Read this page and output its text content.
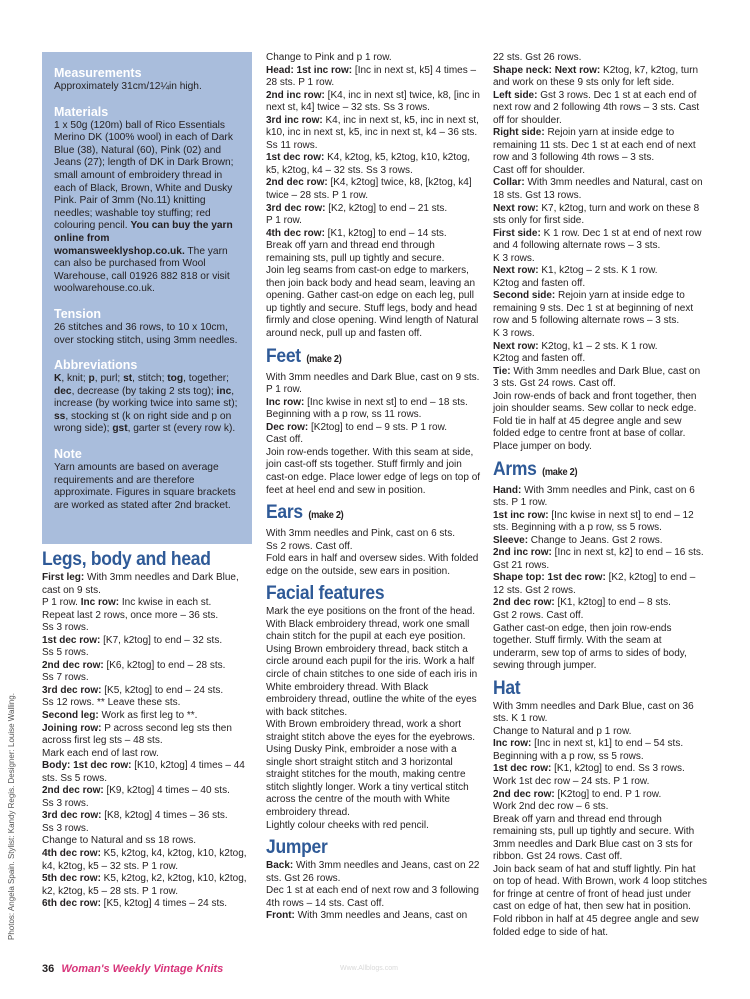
Measurements

Approximately 31cm/12¼in high.

Materials

1 x 50g (120m) ball of Rico Essentials Merino DK (100% wool) in each of Dark Blue (38), Natural (60), Pink (02) and Jeans (27); length of DK in Dark Brown; small amount of embroidery thread in each of Black, Brown, White and Dusky Pink. Pair of 3mm (No.11) knitting needles; washable toy stuffing; red colouring pencil. You can buy the yarn online from womansweeklyshop.co.uk. The yarn can also be purchased from Wool Warehouse, call 01926 882 818 or visit woolwarehouse.co.uk.

Tension

26 stitches and 36 rows, to 10 x 10cm, over stocking stitch, using 3mm needles.

Abbreviations

K, knit; p, purl; st, stitch; tog, together; dec, decrease (by taking 2 sts tog); inc, increase (by working twice into same st); ss, stocking st (k on right side and p on wrong side); gst, garter st (every row k).

Note

Yarn amounts are based on average requirements and are therefore approximate. Figures in square brackets are worked as stated after 2nd bracket.

Legs, body and head

First leg: With 3mm needles and Dark Blue, cast on 9 sts.

P 1 row. Inc row: Inc kwise in each st.

Repeat last 2 rows, once more – 36 sts.

Ss 3 rows.

1st dec row: [K7, k2tog] to end – 32 sts.

Ss 5 rows.

2nd dec row: [K6, k2tog] to end – 28 sts.

Ss 7 rows.

3rd dec row: [K5, k2tog] to end – 24 sts.

Ss 12 rows. ** Leave these sts.

Second leg: Work as first leg to **.

Joining row: P across second leg sts then across first leg sts – 48 sts.

Mark each end of last row.

Body: 1st dec row: [K10, k2tog] 4 times – 44 sts. Ss 5 rows.

2nd dec row: [K9, k2tog] 4 times – 40 sts.

Ss 3 rows.

3rd dec row: [K8, k2tog] 4 times – 36 sts.

Ss 3 rows.

Change to Natural and ss 18 rows.

4th dec row: K5, k2tog, k4, k2tog, k10, k2tog, k4, k2tog, k5 – 32 sts. P 1 row.

5th dec row: K5, k2tog, k2, k2tog, k10, k2tog, k2, k2tog, k5 – 28 sts. P 1 row.

6th dec row: [K5, k2tog] 4 times – 24 sts.

Change to Pink and p 1 row.

Head: 1st inc row: [Inc in next st, k5] 4 times – 28 sts. P 1 row.

2nd inc row: [K4, inc in next st] twice, k8, [inc in next st, k4] twice – 32 sts. Ss 3 rows.

3rd inc row: K4, inc in next st, k5, inc in next st, k10, inc in next st, k5, inc in next st, k4 – 36 sts. Ss 11 rows.

1st dec row: K4, k2tog, k5, k2tog, k10, k2tog, k5, k2tog, k4 – 32 sts. Ss 3 rows.

2nd dec row: [K4, k2tog] twice, k8, [k2tog, k4] twice – 28 sts. P 1 row.

3rd dec row: [K2, k2tog] to end – 21 sts.

P 1 row.

4th dec row: [K1, k2tog] to end – 14 sts.

Break off yarn and thread end through remaining sts, pull up tightly and secure.

Join leg seams from cast-on edge to markers, then join back body and head seam, leaving an opening. Gather cast-on edge on each leg, pull up tightly and secure. Stuff legs, body and head firmly and close opening. Wind length of Natural around neck, pull up and fasten off.

Feet (make 2)

With 3mm needles and Dark Blue, cast on 9 sts. P 1 row.

Inc row: [Inc kwise in next st] to end – 18 sts. Beginning with a p row, ss 11 rows.

Dec row: [K2tog] to end – 9 sts. P 1 row.

Cast off.

Join row-ends together. With this seam at side, join cast-off sts together. Stuff firmly and join cast-on edge. Place lower edge of legs on top of feet at heel end and sew in position.

Ears (make 2)

With 3mm needles and Pink, cast on 6 sts.

Ss 2 rows. Cast off.

Fold ears in half and oversew sides. With folded edge on the outside, sew ears in position.

Facial features

Mark the eye positions on the front of the head. With Black embroidery thread, work one small chain stitch for the pupil at each eye position. Using Brown embroidery thread, back stitch a circle around each pupil for the iris. Work a half circle of chain stitches to one side of each iris in White embroidery thread. With Black embroidery thread, outline the white of the eyes with back stitches.

With Brown embroidery thread, work a short straight stitch above the eyes for the eyebrows.

Using Dusky Pink, embroider a nose with a single short straight stitch and 3 horizontal straight stitches for the mouth, making centre stitch slightly longer. Work a tiny vertical stitch across the centre of the mouth with White embroidery thread.

Lightly colour cheeks with red pencil.

Jumper

Back: With 3mm needles and Jeans, cast on 22 sts. Gst 26 rows.

Dec 1 st at each end of next row and 3 following 4th rows – 14 sts. Cast off.

Front: With 3mm needles and Jeans, cast on

22 sts. Gst 26 rows.

Shape neck: Next row: K2tog, k7, k2tog, turn and work on these 9 sts only for left side.

Left side: Gst 3 rows. Dec 1 st at each end of next row and 2 following 4th rows – 3 sts. Cast off for shoulder.

Right side: Rejoin yarn at inside edge to remaining 11 sts. Dec 1 st at each end of next row and 3 following 4th rows – 3 sts.

Cast off for shoulder.

Collar: With 3mm needles and Natural, cast on 18 sts. Gst 13 rows.

Next row: K7, k2tog, turn and work on these 8 sts only for first side.

First side: K 1 row. Dec 1 st at end of next row and 4 following alternate rows – 3 sts.

K 3 rows.

Next row: K1, k2tog – 2 sts. K 1 row.

K2tog and fasten off.

Second side: Rejoin yarn at inside edge to remaining 9 sts. Dec 1 st at beginning of next row and 5 following alternate rows – 3 sts.

K 3 rows.

Next row: K2tog, k1 – 2 sts. K 1 row.

K2tog and fasten off.

Tie: With 3mm needles and Dark Blue, cast on 3 sts. Gst 24 rows. Cast off.

Join row-ends of back and front together, then join shoulder seams. Sew collar to neck edge. Fold tie in half at 45 degree angle and sew folded edge to centre front at base of collar. Place jumper on body.

Arms (make 2)

Hand: With 3mm needles and Pink, cast on 6 sts. P 1 row.

1st inc row: [Inc kwise in next st] to end – 12 sts. Beginning with a p row, ss 5 rows.

Sleeve: Change to Jeans. Gst 2 rows.

2nd inc row: [Inc in next st, k2] to end – 16 sts. Gst 21 rows.

Shape top: 1st dec row: [K2, k2tog] to end – 12 sts. Gst 2 rows.

2nd dec row: [K1, k2tog] to end – 8 sts.

Gst 2 rows. Cast off.

Gather cast-on edge, then join row-ends together. Stuff firmly. With the seam at underarm, sew top of arms to sides of body, sewing through jumper.

Hat

With 3mm needles and Dark Blue, cast on 36 sts. K 1 row.

Change to Natural and p 1 row.

Inc row: [Inc in next st, k1] to end – 54 sts. Beginning with a p row, ss 5 rows.

1st dec row: [K1, k2tog] to end. Ss 3 rows. Work 1st dec row – 24 sts. P 1 row.

2nd dec row: [K2tog] to end. P 1 row.

Work 2nd dec row – 6 sts.

Break off yarn and thread end through remaining sts, pull up tightly and secure. With 3mm needles and Dark Blue cast on 3 sts for ribbon. Gst 24 rows. Cast off.

Join back seam of hat and stuff lightly. Pin hat on top of head. With Brown, work 4 loop stitches for fringe at centre of front of head just under cast on edge of hat, then sew hat in position. Fold ribbon in half at 45 degree angle and sew folded edge to side of hat.

Photos: Angela Spain. Stylist: Kandy Regis. Designer: Louise Walling.
36 Woman's Weekly Vintage Knits	Www.Allblogs.com
